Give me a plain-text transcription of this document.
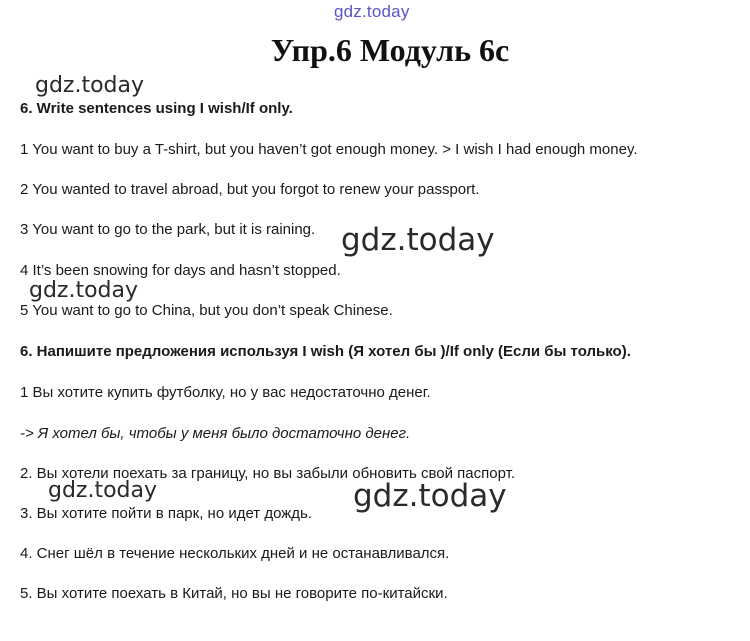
gdz.today
Упр.6 Модуль 6с
gdz.today
6. Write sentences using I wish/If only.
1 You want to buy a T-shirt, but you haven’t got enough money. > I wish I had enough money.
2 You wanted to travel abroad, but you forgot to renew your passport.
3 You want to go to the park, but it is raining. gdz.today
4 It’s been snowing for days and hasn’t stopped.
gdz.today
5 You want to go to China, but you don’t speak Chinese.
6. Напишите предложения используя I wish (Я хотел бы )/If only (Если бы только).
1 Вы хотите купить футболку, но у вас недостаточно денег.
-> Я хотел бы, чтобы у меня было достаточно денег.
2. Вы хотели поехать за границу, но вы забыли обновить свой паспорт.
gdz.today	gdz.today
3. Вы хотите пойти в парк, но идет дождь.
4. Снег шёл в течение нескольких дней и не останавливался.
5. Вы хотите поехать в Китай, но вы не говорите по-китайски.
